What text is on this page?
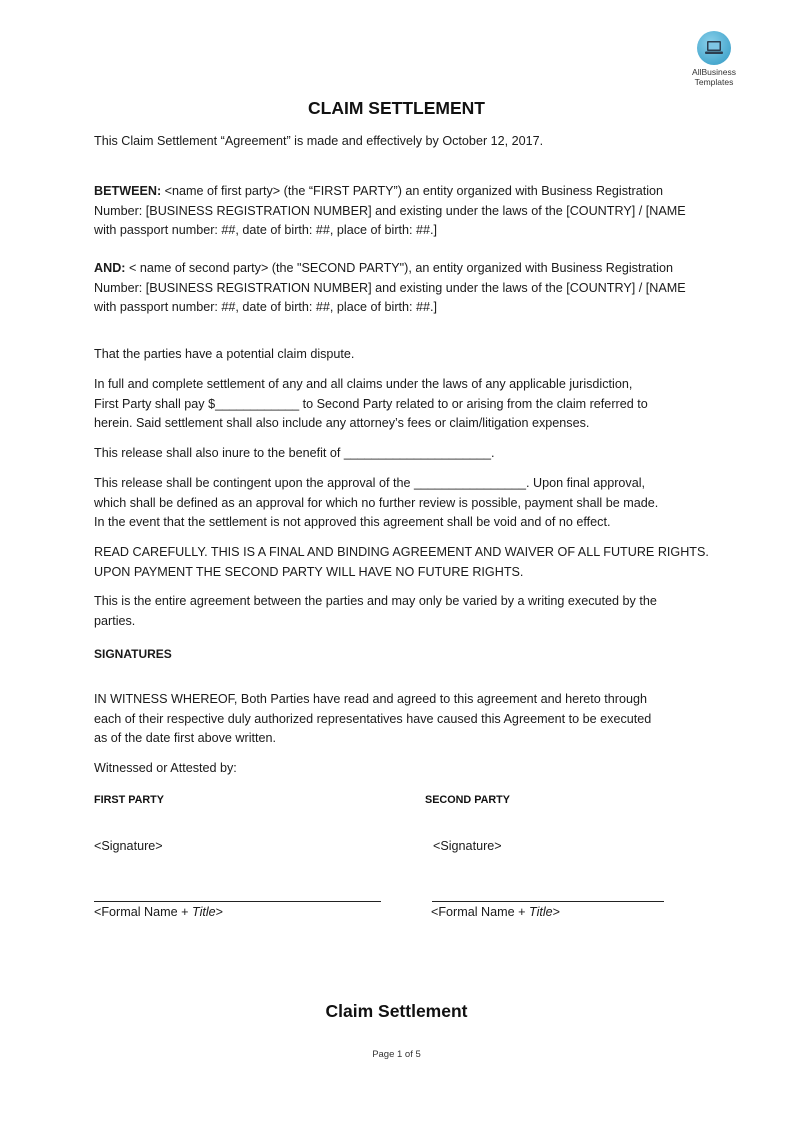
AllBusiness
Templates
CLAIM SETTLEMENT
This Claim Settlement “Agreement” is made and effectively by October 12, 2017.
BETWEEN: <name of first party> (the “FIRST PARTY”) an entity organized with Business Registration
Number: [BUSINESS REGISTRATION NUMBER] and existing under the laws of the [COUNTRY] / [NAME
with passport number: ##, date of birth: ##, place of birth: ##.]
AND: < name of second party> (the "SECOND PARTY"), an entity organized with Business Registration
Number: [BUSINESS REGISTRATION NUMBER] and existing under the laws of the [COUNTRY] / [NAME
with passport number: ##, date of birth: ##, place of birth: ##.]
That the parties have a potential claim dispute.
In full and complete settlement of any and all claims under the laws of any applicable jurisdiction,
First Party shall pay $____________ to Second Party related to or arising from the claim referred to
herein. Said settlement shall also include any attorney’s fees or claim/litigation expenses.
This release shall also inure to the benefit of _____________________.
This release shall be contingent upon the approval of the ________________. Upon final approval,
which shall be defined as an approval for which no further review is possible, payment shall be made.
In the event that the settlement is not approved this agreement shall be void and of no effect.
READ CAREFULLY. THIS IS A FINAL AND BINDING AGREEMENT AND WAIVER OF ALL FUTURE RIGHTS.
UPON PAYMENT THE SECOND PARTY WILL HAVE NO FUTURE RIGHTS.
This is the entire agreement between the parties and may only be varied by a writing executed by the
parties.
SIGNATURES
IN WITNESS WHEREOF, Both Parties have read and agreed to this agreement and hereto through
each of their respective duly authorized representatives have caused this Agreement to be executed
as of the date first above written.
Witnessed or Attested by:
FIRST PARTY
<Signature>
<Formal Name + Title>
SECOND PARTY
<Signature>
<Formal Name + Title>
Claim Settlement
Page 1 of 5
